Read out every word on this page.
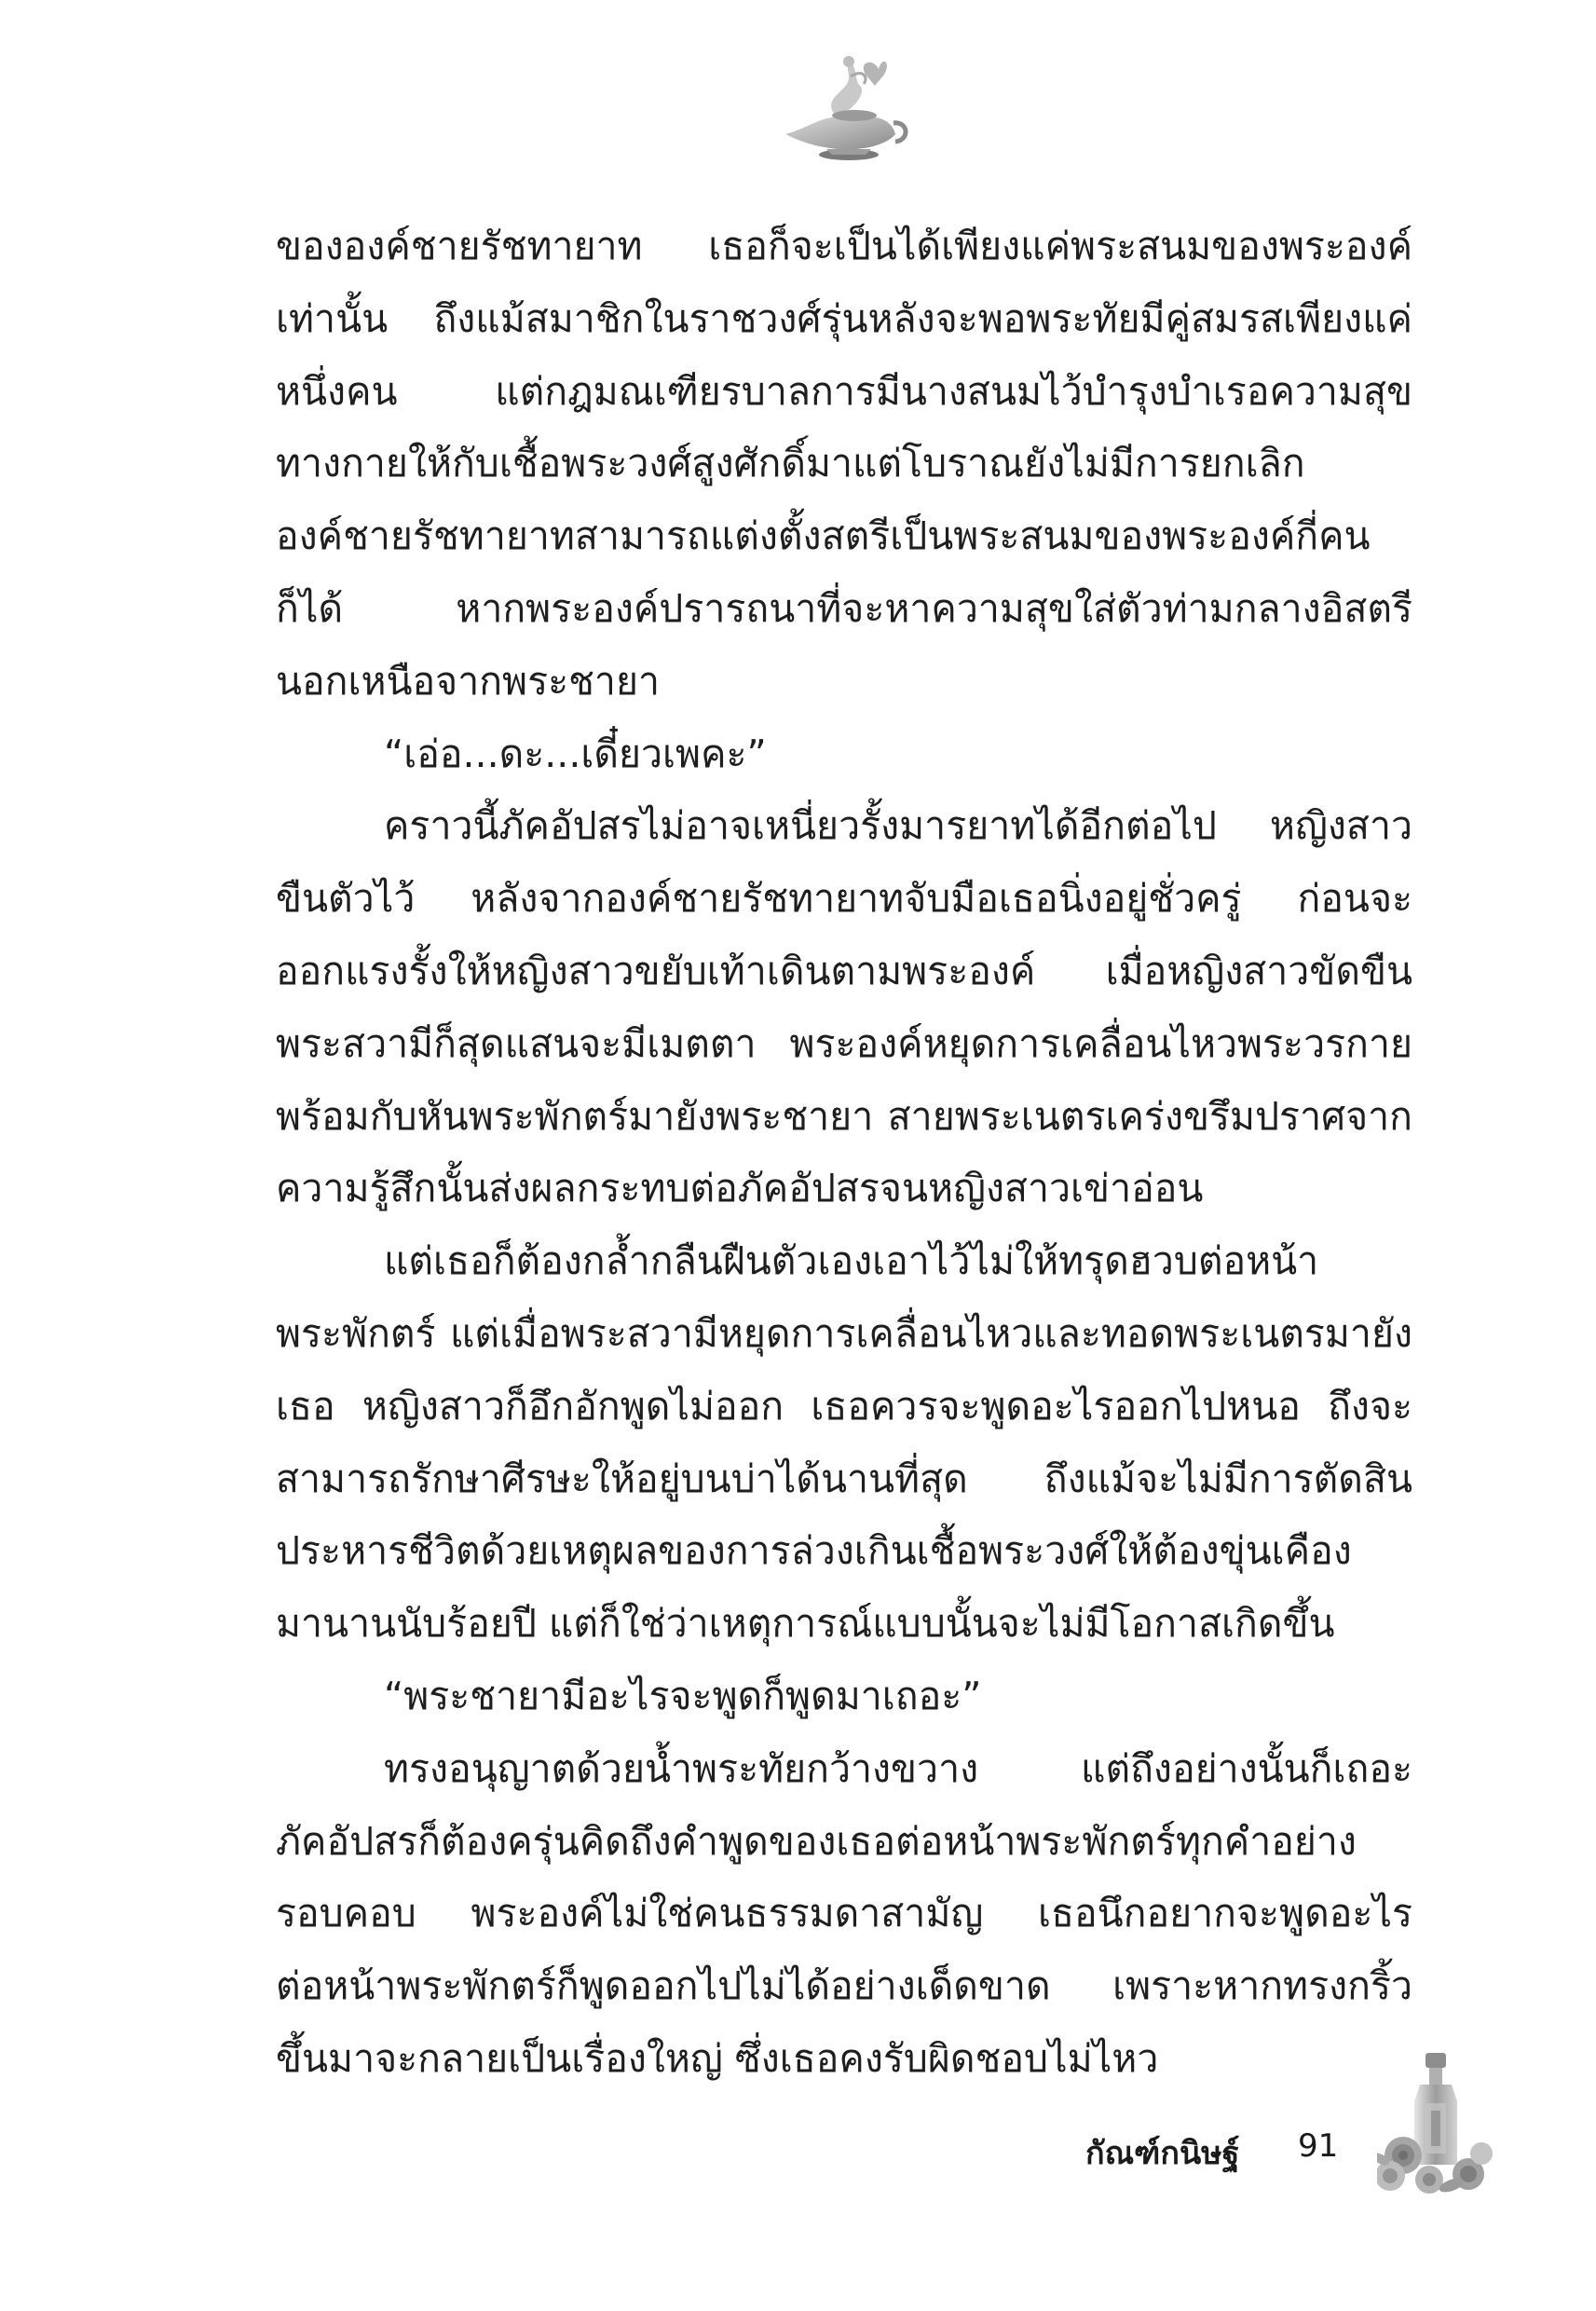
ขององค์ชายรัชทายาท เธอก็จะเป็นได้เพียงแค่พระสนมของพระองค์
เท่านั้น ถึงแม้สมาชิกในราชวงศ์รุ่นหลังจะพอพระทัยมีคู่สมรสเพียงแค่
หนึ่งคน แต่กฎมณเฑียรบาลการมีนางสนมไว้บำรุงบำเรอความสุข
ทางกายให้กับเชื้อพระวงศ์สูงศักดิ์มาแต่โบราณยังไม่มีการยกเลิก
องค์ชายรัชทายาทสามารถแต่งตั้งสตรีเป็นพระสนมของพระองค์กี่คน
ก็ได้ หากพระองค์ปรารถนาที่จะหาความสุขใส่ตัวท่ามกลางอิสตรี
นอกเหนือจากพระชายา
“เอ่อ...ดะ...เดี๋ยวเพคะ”
คราวนี้ภัคอัปสรไม่อาจเหนี่ยวรั้งมารยาทได้อีกต่อไป หญิงสาว
ขืนตัวไว้ หลังจากองค์ชายรัชทายาทจับมือเธอนิ่งอยู่ชั่วครู่ ก่อนจะ
ออกแรงรั้งให้หญิงสาวขยับเท้าเดินตามพระองค์ เมื่อหญิงสาวขัดขืน
พระสวามีก็สุดแสนจะมีเมตตา พระองค์หยุดการเคลื่อนไหวพระวรกาย
พร้อมกับหันพระพักตร์มายังพระชายา สายพระเนตรเคร่งขรึมปราศจาก
ความรู้สึกนั้นส่งผลกระทบต่อภัคอัปสรจนหญิงสาวเข่าอ่อน
แต่เธอก็ต้องกล้ำกลืนฝืนตัวเองเอาไว้ไม่ให้ทรุดฮวบต่อหน้า
พระพักตร์ แต่เมื่อพระสวามีหยุดการเคลื่อนไหวและทอดพระเนตรมายัง
เธอ หญิงสาวก็อึกอักพูดไม่ออก เธอควรจะพูดอะไรออกไปหนอ ถึงจะ
สามารถรักษาศีรษะให้อยู่บนบ่าได้นานที่สุด ถึงแม้จะไม่มีการตัดสิน
ประหารชีวิตด้วยเหตุผลของการล่วงเกินเชื้อพระวงศ์ให้ต้องขุ่นเคือง
มานานนับร้อยปี แต่ก็ใช่ว่าเหตุการณ์แบบนั้นจะไม่มีโอกาสเกิดขึ้น
“พระชายามีอะไรจะพูดก็พูดมาเถอะ”
ทรงอนุญาตด้วยน้ำพระทัยกว้างขวาง แต่ถึงอย่างนั้นก็เถอะ
ภัคอัปสรก็ต้องครุ่นคิดถึงคำพูดของเธอต่อหน้าพระพักตร์ทุกคำอย่าง
รอบคอบ พระองค์ไม่ใช่คนธรรมดาสามัญ เธอนึกอยากจะพูดอะไร
ต่อหน้าพระพักตร์ก็พูดออกไปไม่ได้อย่างเด็ดขาด เพราะหากทรงกริ้ว
ขึ้นมาจะกลายเป็นเรื่องใหญ่ ซึ่งเธอคงรับผิดชอบไม่ไหว
กัณฑ์กนิษฐ์ 91
